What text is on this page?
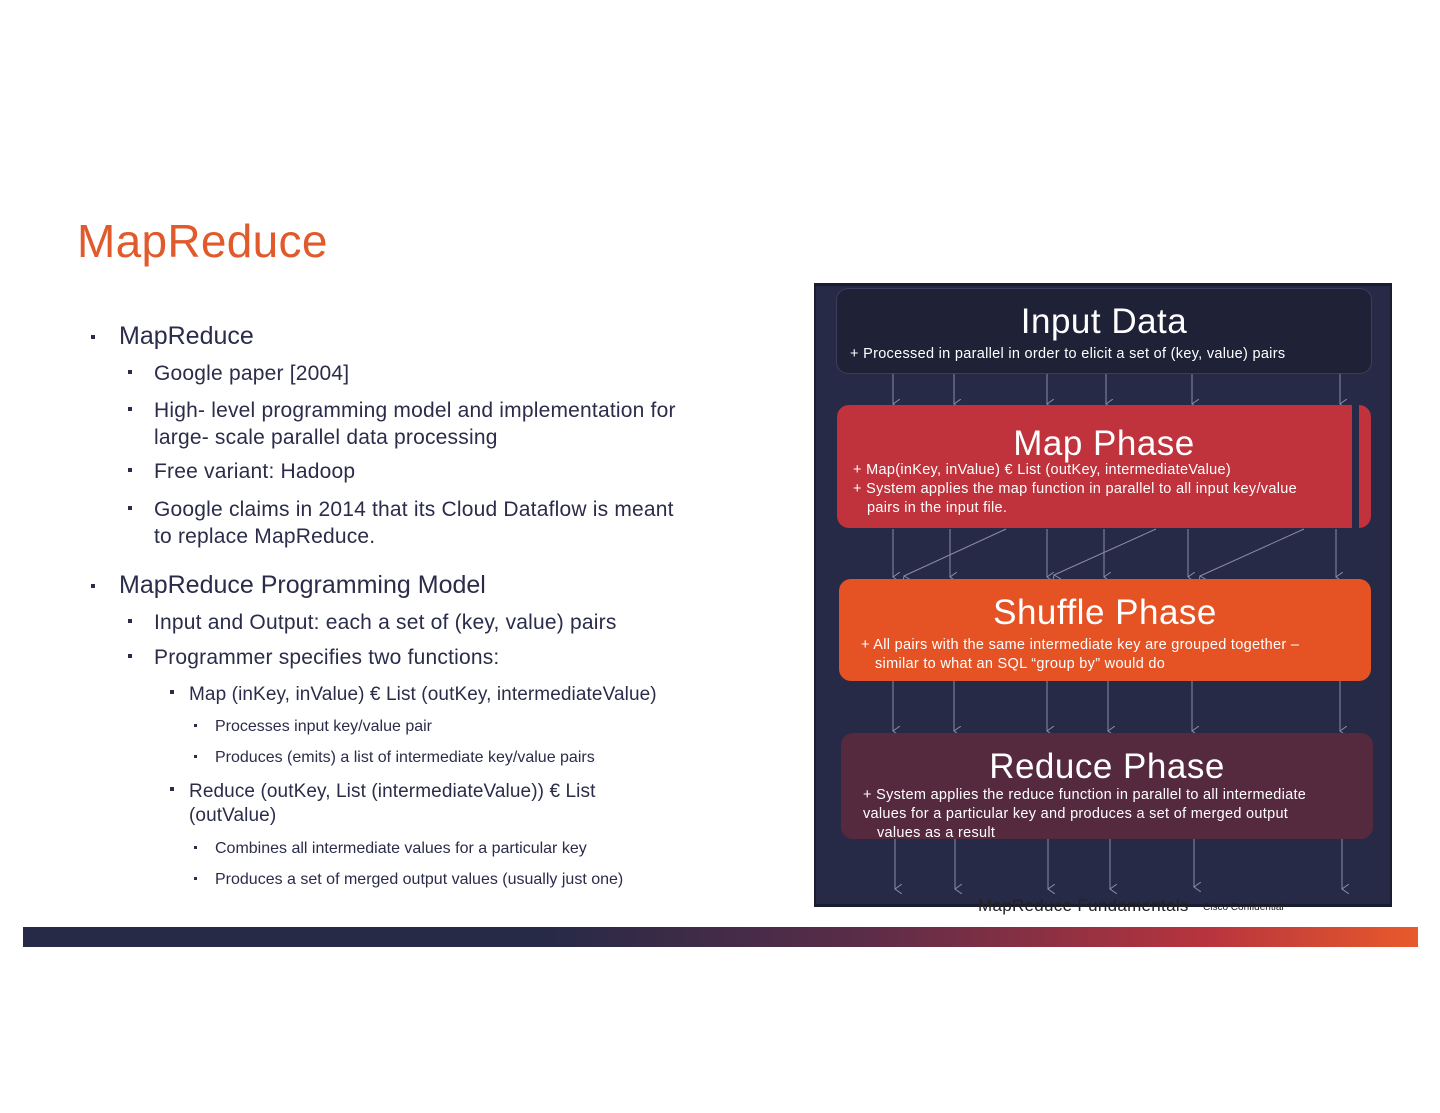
MapReduce
MapReduce
Google paper [2004]
High- level programming model and implementation for
large- scale parallel data processing
Free variant: Hadoop
Google claims in 2014 that its Cloud Dataflow is meant
to replace MapReduce.
MapReduce Programming Model
Input and Output: each a set of (key, value) pairs
Programmer specifies two functions:
Map (inKey, inValue) € List (outKey, intermediateValue)
Processes input key/value pair
Produces (emits) a list of intermediate key/value pairs
Reduce (outKey, List (intermediateValue)) € List
(outValue)
Combines all intermediate values for a particular key
Produces a set of merged output values (usually just one)
Input Data
+ Processed in parallel in order to elicit a set of (key, value) pairs
Map Phase
+ Map(inKey, inValue) € List (outKey, intermediateValue)
+ System applies the map function in parallel to all input key/value
pairs in the input file.
Shuffle Phase
+ All pairs with the same intermediate key are grouped together –
similar to what an SQL “group by” would do
Reduce Phase
+ System applies the reduce function in parallel to all intermediate
values for a particular key and produces a set of merged output
values as a result
MapReduce Fundamentals Cisco Confidential
